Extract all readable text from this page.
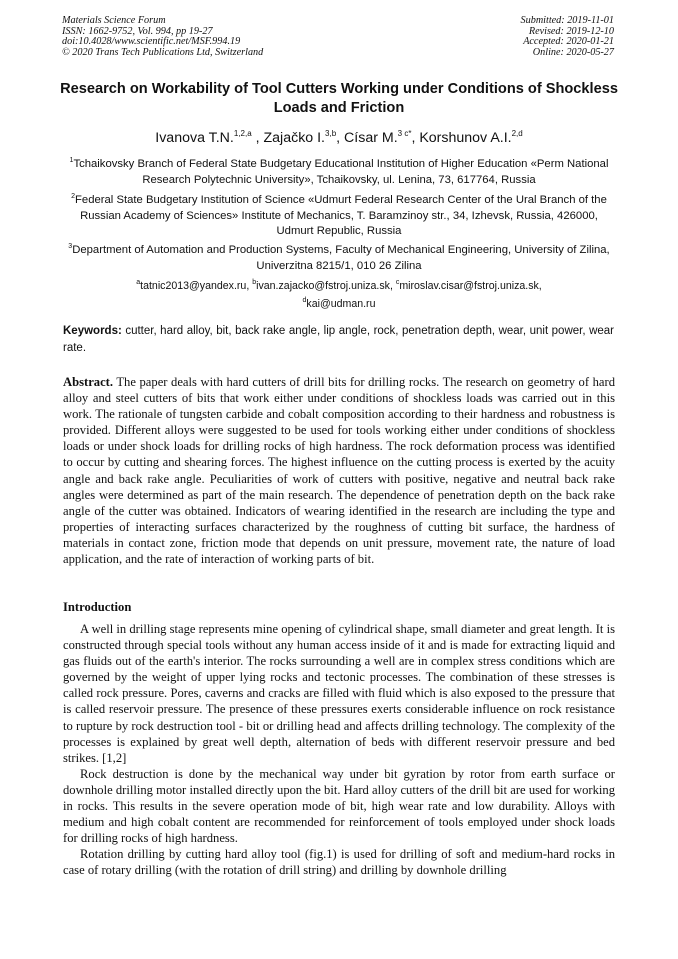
Materials Science Forum
ISSN: 1662-9752, Vol. 994, pp 19-27
doi:10.4028/www.scientific.net/MSF.994.19
© 2020 Trans Tech Publications Ltd, Switzerland
Submitted: 2019-11-01
Revised: 2019-12-10
Accepted: 2020-01-21
Online: 2020-05-27
Research on Workability of Tool Cutters Working under Conditions of Shockless Loads and Friction
Ivanova T.N.$^{1,2,a}$ , Zajačko I.$^{3,b}$, Císar M.$^{3 c*}$, Korshunov A.I.$^{2,d}$
$^1$Tchaikovsky Branch of Federal State Budgetary Educational Institution of Higher Education «Perm National Research Polytechnic University», Tchaikovsky, ul. Lenina, 73, 617764, Russia
$^2$Federal State Budgetary Institution of Science «Udmurt Federal Research Center of the Ural Branch of the Russian Academy of Sciences» Institute of Mechanics, T. Baramzinoy str., 34, Izhevsk, Russia, 426000, Udmurt Republic, Russia
$^3$Department of Automation and Production Systems, Faculty of Mechanical Engineering, University of Zilina, Univerzitna 8215/1, 010 26 Zilina
$^a$tatnic2013@yandex.ru, $^b$ivan.zajacko@fstroj.uniza.sk, $^c$miroslav.cisar@fstroj.uniza.sk,
$^d$kai@udman.ru
Keywords: cutter, hard alloy, bit, back rake angle, lip angle, rock, penetration depth, wear, unit power, wear rate.

Abstract. The paper deals with hard cutters of drill bits for drilling rocks. The research on geometry of hard alloy and steel cutters of bits that work either under conditions of shockless loads was carried out in this work. The rationale of tungsten carbide and cobalt composition according to their hardness and robustness is provided. Different alloys were suggested to be used for tools working either under conditions of shockless loads or under shock loads for drilling rocks of high hardness. The rock deformation process was identified to occur by cutting and shearing forces. The highest influence on the cutting process is exerted by the acuity angle and back rake angle. Peculiarities of work of cutters with positive, negative and neutral back rake angles were determined as part of the main research. The dependence of penetration depth on the back rake angle of the cutter was obtained. Indicators of wearing identified in the research are including the type and properties of interacting surfaces characterized by the roughness of cutting bit surface, the hardness of materials in contact zone, friction mode that depends on unit pressure, movement rate, the nature of load application, and the rate of interaction of working parts of bit.

Introduction

A well in drilling stage represents mine opening of cylindrical shape, small diameter and great length. It is constructed through special tools without any human access inside of it and is made for extracting liquid and gas fluids out of the earth's interior. The rocks surrounding a well are in complex stress conditions which are governed by the weight of upper lying rocks and tectonic processes. The combination of these stresses is called rock pressure. Pores, caverns and cracks are filled with fluid which is also exposed to the pressure that is called reservoir pressure. The presence of these pressures exerts considerable influence on rock resistance to rupture by rock destruction tool - bit or drilling head and affects drilling technology. The complexity of the processes is explained by great well depth, alternation of beds with different reservoir pressure and bed strikes. [1,2]

Rock destruction is done by the mechanical way under bit gyration by rotor from earth surface or downhole drilling motor installed directly upon the bit. Hard alloy cutters of the drill bit are used for working in rocks. This results in the severe operation mode of bit, high wear rate and low durability. Alloys with medium and high cobalt content are recommended for reinforcement of tools employed under shock loads for drilling rocks of high hardness.

Rotation drilling by cutting hard alloy tool (fig.1) is used for drilling of soft and medium-hard rocks in case of rotary drilling (with the rotation of drill string) and drilling by downhole drilling
